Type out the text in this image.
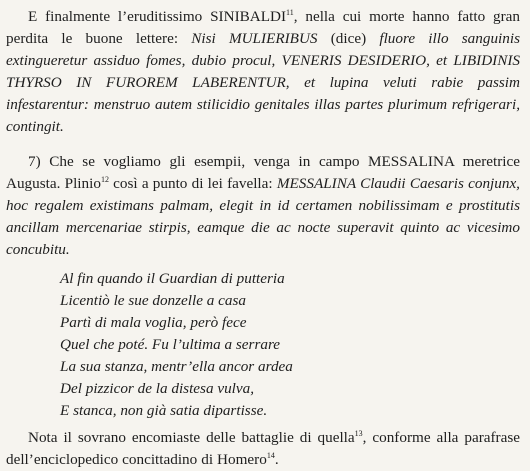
E finalmente l’eruditissimo SINIBALDI$^{11}$, nella cui morte hanno fatto gran perdita le buone lettere: Nisi MULIERIBUS (dice) fluore illo sanguinis extingueretur assiduo fomes, dubio procul, VENERIS DESIDERIO, et LIBIDINIS THYRSO IN FUROREM LABERENTUR, et lupina veluti rabie passim infestarentur: menstruo autem stilicidio genitales illas partes plurimum refrigerari, contingit.

7) Che se vogliamo gli esempii, venga in campo MESSALINA meretrice Augusta. Plinio$^{12}$ così a punto di lei favella: MESSALINA Claudii Caesaris conjunx, hoc regalem existimans palmam, elegit in id certamen nobilissimam e prostitutis ancillam mercenariae stirpis, eamque die ac nocte superavit quinto ac vicesimo concubitu.

Al fin quando il Guardian di putteria
Licentiò le sue donzelle a casa
Partì di mala voglia, però fece
Quel che poté. Fu l’ultima a serrare
La sua stanza, mentr’ella ancor ardea
Del pizzicor de la distesa vulva,
E stanca, non già satia dipartisse.

Nota il sovrano encomiaste delle battaglie di quella$^{13}$, conforme alla parafrase dell’enciclopedico concittadino di Homero$^{14}$.
